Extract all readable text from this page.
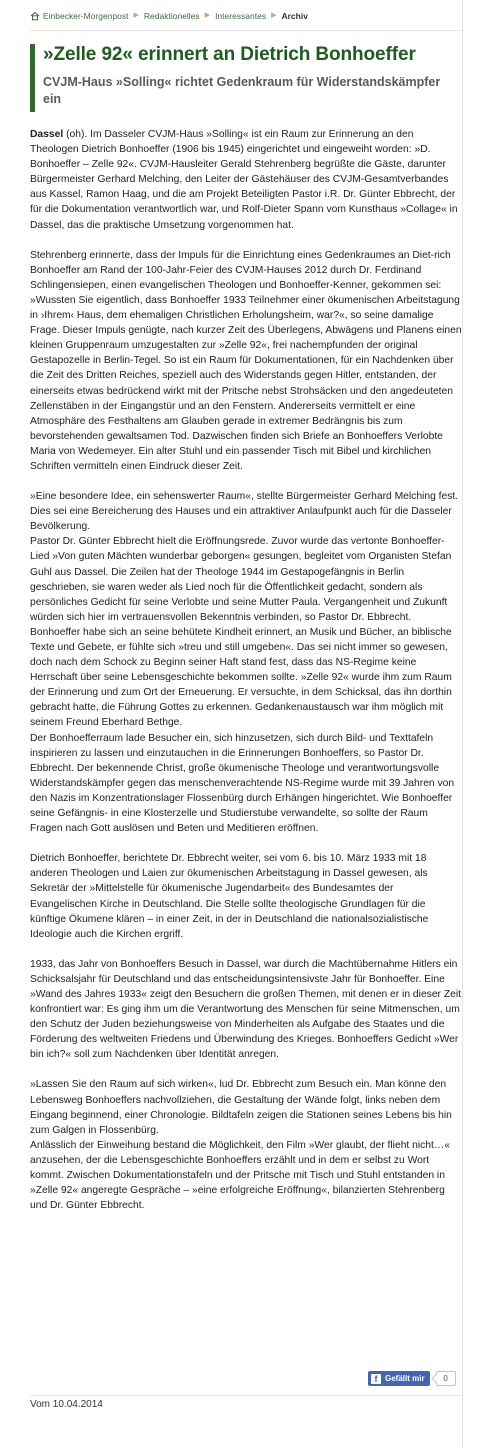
Einbecker-Morgenpost ▶ Redaktionelles ▶ Interessantes ▶ Archiv
»Zelle 92« erinnert an Dietrich Bonhoeffer
CVJM-Haus »Solling« richtet Gedenkraum für Widerstandskämpfer ein

Dassel (oh). Im Dasseler CVJM-Haus »Solling« ist ein Raum zur Erinnerung an den Theologen Dietrich Bonhoeffer (1906 bis 1945) eingerichtet und eingeweiht worden: »D. Bonhoeffer – Zelle 92«. CVJM-Hausleiter Gerald Stehrenberg begrüßte die Gäste, darunter Bürgermeister Gerhard Melching, den Leiter der Gästehäuser des CVJM-Gesamtverbandes aus Kassel, Ramon Haag, und die am Projekt Beteiligten Pastor i.R. Dr. Günter Ebbrecht, der für die Dokumentation verantwortlich war, und Rolf-Dieter Spann vom Kunsthaus »Collage« in Dassel, das die praktische Umsetzung vorgenommen hat.

Stehrenberg erinnerte, dass der Impuls für die Einrichtung eines Gedenkraumes an Diet-rich Bonhoeffer am Rand der 100-Jahr-Feier des CVJM-Hauses 2012 durch Dr. Ferdinand Schlingensiepen, einen evangelischen Theologen und Bonhoeffer-Kenner, gekommen sei: »Wussten Sie eigentlich, dass Bonhoeffer 1933 Teilnehmer einer ökumenischen Arbeitstagung in ›Ihrem‹ Haus, dem ehemaligen Christlichen Erholungsheim, war?«, so seine damalige Frage. Dieser Impuls genügte, nach kurzer Zeit des Überlegens, Abwägens und Planens einen kleinen Gruppenraum umzugestalten zur »Zelle 92«, frei nachempfunden der original Gestapozelle in Berlin-Tegel. So ist ein Raum für Dokumentationen, für ein Nachdenken über die Zeit des Dritten Reiches, speziell auch des Widerstands gegen Hitler, entstanden, der einerseits etwas bedrückend wirkt mit der Pritsche nebst Strohsäcken und den angedeuteten Zellenstäben in der Eingangstür und an den Fenstern. Andererseits vermittelt er eine Atmosphäre des Festhaltens am Glauben gerade in extremer Bedrängnis bis zum bevorstehenden gewaltsamen Tod. Dazwischen finden sich Briefe an Bonhoeffers Verlobte Maria von Wedemeyer. Ein alter Stuhl und ein passender Tisch mit Bibel und kirchlichen Schriften vermitteln einen Eindruck dieser Zeit.

»Eine besondere Idee, ein sehenswerter Raum«, stellte Bürgermeister Gerhard Melching fest. Dies sei eine Bereicherung des Hauses und ein attraktiver Anlaufpunkt auch für die Dasseler Bevölkerung.

Pastor Dr. Günter Ebbrecht hielt die Eröffnungsrede. Zuvor wurde das vertonte Bonhoeffer-Lied »Von guten Mächten wunderbar geborgen« gesungen, begleitet vom Organisten Stefan Guhl aus Dassel. Die Zeilen hat der Theologe 1944 im Gestapogefängnis in Berlin geschrieben, sie waren weder als Lied noch für die Öffentlichkeit gedacht, sondern als persönliches Gedicht für seine Verlobte und seine Mutter Paula. Vergangenheit und Zukunft würden sich hier im vertrauensvollen Bekenntnis verbinden, so Pastor Dr. Ebbrecht. Bonhoeffer habe sich an seine behütete Kindheit erinnert, an Musik und Bücher, an biblische Texte und Gebete, er fühlte sich »treu und still umgeben«. Das sei nicht immer so gewesen, doch nach dem Schock zu Beginn seiner Haft stand fest, dass das NS-Regime keine Herrschaft über seine Lebensgeschichte bekommen sollte. »Zelle 92« wurde ihm zum Raum der Erinnerung und zum Ort der Erneuerung. Er versuchte, in dem Schicksal, das ihn dorthin gebracht hatte, die Führung Gottes zu erkennen. Gedankenaustausch war ihm möglich mit seinem Freund Eberhard Bethge.

Der Bonhoefferraum lade Besucher ein, sich hinzusetzen, sich durch Bild- und Texttafeln inspirieren zu lassen und einzutauchen in die Erinnerungen Bonhoeffers, so Pastor Dr. Ebbrecht. Der bekennende Christ, große ökumenische Theologe und verantwortungsvolle Widerstandskämpfer gegen das menschenverachtende NS-Regime wurde mit 39 Jahren von den Nazis im Konzentrationslager Flossenbürg durch Erhängen hingerichtet. Wie Bonhoeffer seine Gefängnis- in eine Klosterzelle und Studierstube verwandelte, so sollte der Raum Fragen nach Gott auslösen und Beten und Meditieren eröffnen.

Dietrich Bonhoeffer, berichtete Dr. Ebbrecht weiter, sei vom 6. bis 10. März 1933 mit 18 anderen Theologen und Laien zur ökumenischen Arbeitstagung in Dassel gewesen, als Sekretär der »Mittelstelle für ökumenische Jugendarbeit« des Bundesamtes der Evangelischen Kirche in Deutschland. Die Stelle sollte theologische Grundlagen für die künftige Ökumene klären – in einer Zeit, in der in Deutschland die nationalsozialistische Ideologie auch die Kirchen ergriff.

1933, das Jahr von Bonhoeffers Besuch in Dassel, war durch die Machtübernahme Hitlers ein Schicksalsjahr für Deutschland und das entscheidungsintensivste Jahr für Bonhoeffer. Eine »Wand des Jahres 1933« zeigt den Besuchern die großen Themen, mit denen er in dieser Zeit konfrontiert war: Es ging ihm um die Verantwortung des Menschen für seine Mitmenschen, um den Schutz der Juden beziehungsweise von Minderheiten als Aufgabe des Staates und die Förderung des weltweiten Friedens und Überwindung des Krieges. Bonhoeffers Gedicht »Wer bin ich?« soll zum Nachdenken über Identität anregen.

»Lassen Sie den Raum auf sich wirken«, lud Dr. Ebbrecht zum Besuch ein. Man könne den Lebensweg Bonhoeffers nachvollziehen, die Gestaltung der Wände folgt, links neben dem Eingang beginnend, einer Chronologie. Bildtafeln zeigen die Stationen seines Lebens bis hin zum Galgen in Flossenbürg.

Anlässlich der Einweihung bestand die Möglichkeit, den Film »Wer glaubt, der flieht nicht…« anzusehen, der die Lebensgeschichte Bonhoeffers erzählt und in dem er selbst zu Wort kommt. Zwischen Dokumentationstafeln und der Pritsche mit Tisch und Stuhl entstanden in »Zelle 92« angeregte Gespräche – »eine erfolgreiche Eröffnung«, bilanzierten Stehrenberg und Dr. Günter Ebbrecht.

f Gefällt mir	0
Vom 10.04.2014
